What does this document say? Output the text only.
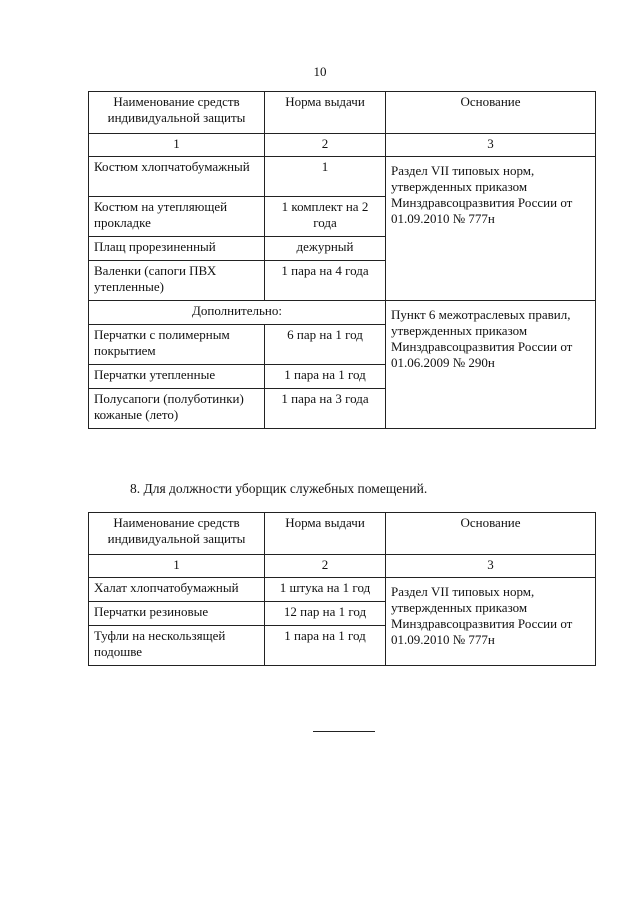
10
Наименование средств индивидуальной защиты	Норма выдачи	Основание
1	2	3
Костюм хлопчатобумажный	1	Раздел VII типовых норм, утвержденных приказом Минздравсоцразвития России от 01.09.2010 № 777н
Костюм на утепляющей прокладке	1 комплект на 2 года	
Плащ прорезиненный	дежурный	
Валенки (сапоги ПВХ утепленные)	1 пара на 4 года	
Дополнительно:		Пункт 6 межотраслевых правил, утвержденных приказом Минздравсоцразвития России от 01.06.2009 № 290н
Перчатки с полимерным покрытием	6 пар на 1 год	
Перчатки утепленные	1 пара на 1 год	
Полусапоги (полуботинки) кожаные (лето)	1 пара на 3 года	
8. Для должности уборщик служебных помещений.
Наименование средств индивидуальной защиты	Норма выдачи	Основание
1	2	3
Халат хлопчатобумажный	1 штука на 1 год	Раздел VII типовых норм, утвержденных приказом Минздравсоцразвития России от 01.09.2010 № 777н
Перчатки резиновые	12 пар на 1 год	
Туфли на нескользящей подошве	1 пара на 1 год	
